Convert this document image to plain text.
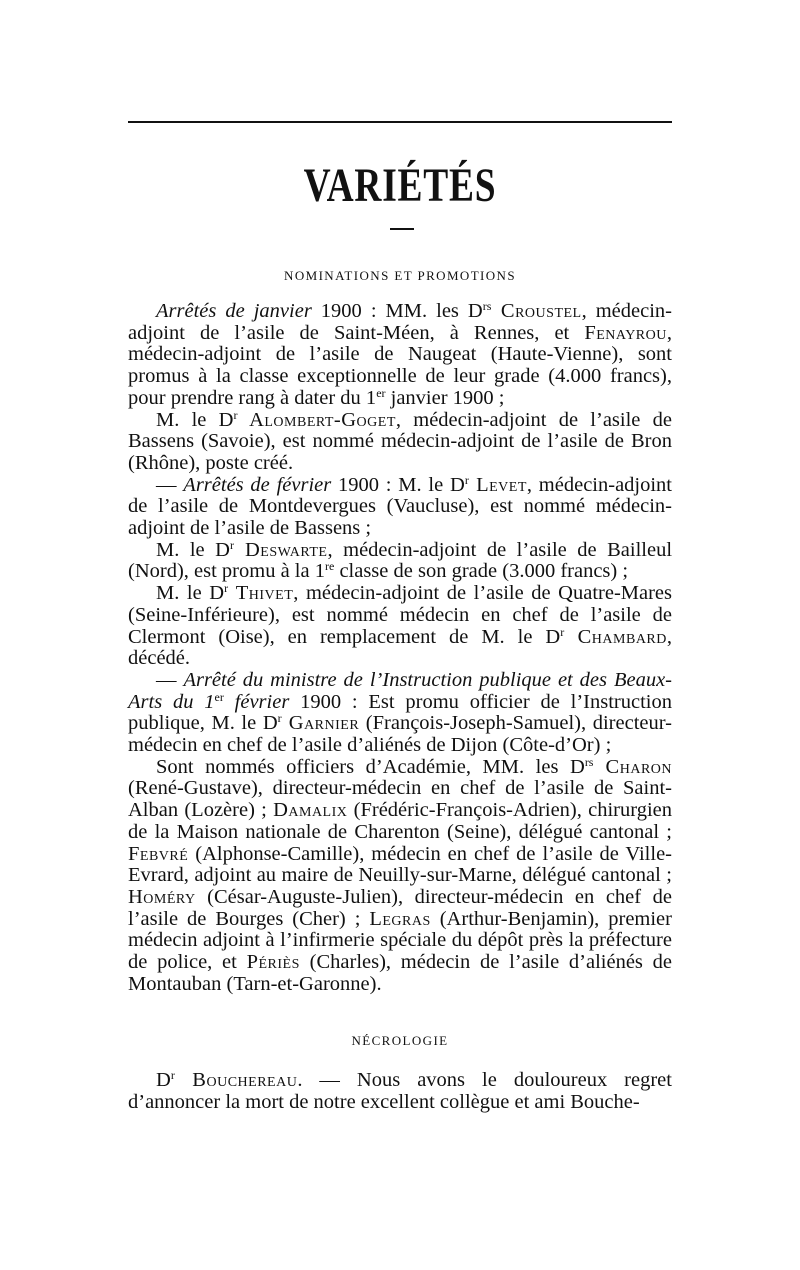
VARIÉTÉS
NOMINATIONS ET PROMOTIONS

Arrêtés de janvier 1900 : MM. les $D^{rs}$ Croustel, médecin-adjoint de l’asile de Saint-Méen, à Rennes, et Fenayrou, médecin-adjoint de l’asile de Naugeat (Haute-Vienne), sont promus à la classe exceptionnelle de leur grade (4.000 francs), pour prendre rang à dater du 1er janvier 1900 ;

M. le $D^r$ Alombert-Goget, médecin-adjoint de l’asile de Bassens (Savoie), est nommé médecin-adjoint de l’asile de Bron (Rhône), poste créé.

— Arrêtés de février 1900 : M. le $D^r$ Levet, médecin-adjoint de l’asile de Montdevergues (Vaucluse), est nommé médecin-adjoint de l’asile de Bassens ;

M. le $D^r$ Deswarte, médecin-adjoint de l’asile de Bailleul (Nord), est promu à la 1re classe de son grade (3.000 francs) ;

M. le $D^r$ Thivet, médecin-adjoint de l’asile de Quatre-Mares (Seine-Inférieure), est nommé médecin en chef de l’asile de Clermont (Oise), en remplacement de M. le $D^r$ Chambard, décédé.

— Arrêté du ministre de l’Instruction publique et des Beaux-Arts du 1er février 1900 : Est promu officier de l’Instruction publique, M. le $D^r$ Garnier (François-Joseph-Samuel), directeur-médecin en chef de l’asile d’aliénés de Dijon (Côte-d’Or) ;

Sont nommés officiers d’Académie, MM. les $D^{rs}$ Charon (René-Gustave), directeur-médecin en chef de l’asile de Saint-Alban (Lozère) ; Damalix (Frédéric-François-Adrien), chirurgien de la Maison nationale de Charenton (Seine), délégué cantonal ; Febvré (Alphonse-Camille), médecin en chef de l’asile de Ville-Evrard, adjoint au maire de Neuilly-sur-Marne, délégué cantonal ; Homéry (César-Auguste-Julien), directeur-médecin en chef de l’asile de Bourges (Cher) ; Legras (Arthur-Benjamin), premier médecin adjoint à l’infirmerie spéciale du dépôt près la préfecture de police, et Périès (Charles), médecin de l’asile d’aliénés de Montauban (Tarn-et-Garonne).

NÉCROLOGIE

$D^r$ Bouchereau. — Nous avons le douloureux regret d’annoncer la mort de notre excellent collègue et ami Bouche-
